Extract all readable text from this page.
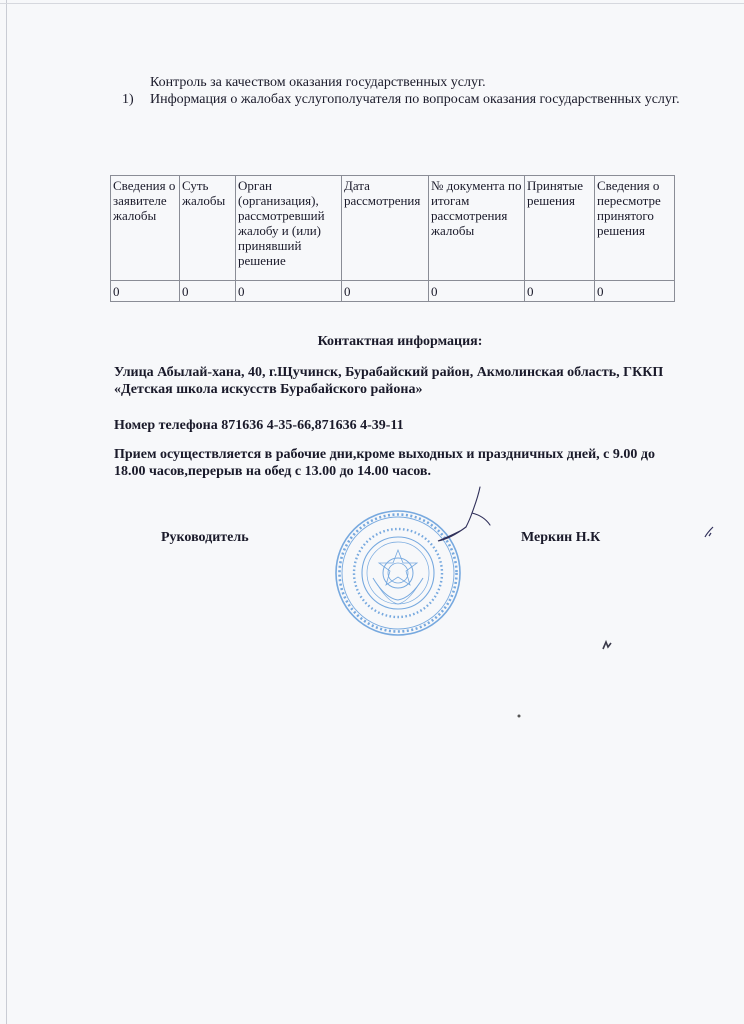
Контроль за качеством оказания государственных услуг.
1) Информация о жалобах услугополучателя по вопросам оказания государственных услуг.
Сведения о заявителе жалобы	Суть жалобы	Орган (организация), рассмотревший жалобу и (или) принявший решение	Дата рассмотрения	№ документа по итогам рассмотрения жалобы	Принятые решения	Сведения о пересмотре принятого решения
0	0	0	0	0	0	0
Контактная информация:
Улица Абылай-хана, 40, г.Щучинск, Бурабайский район, Акмолинская область, ГККП
«Детская школа искусств Бурабайского района»
Номер телефона 871636 4-35-66,871636 4-39-11
Прием осуществляется в рабочие дни,кроме выходных и праздничных дней, с 9.00 до
18.00 часов,перерыв на обед с 13.00 до 14.00 часов.
Руководитель	Меркин Н.К
